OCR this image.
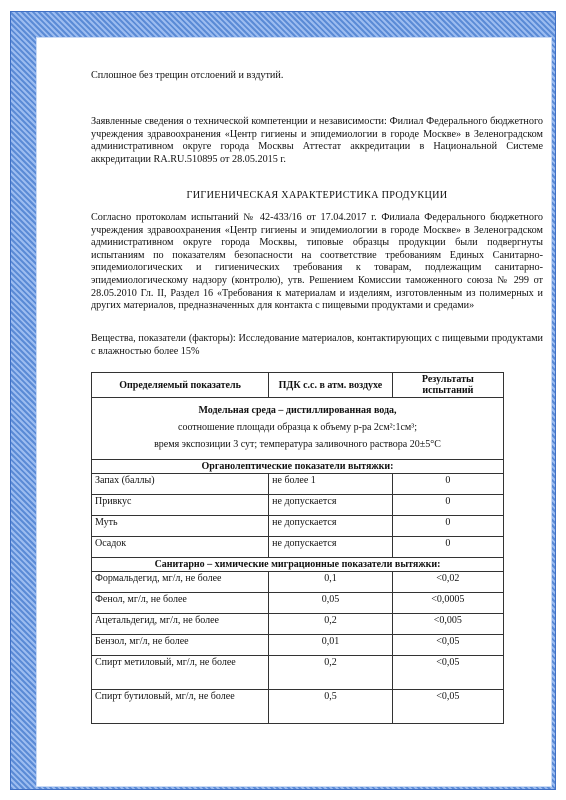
Сплошное без трещин отслоений и вздутий.
Заявленные сведения о технической компетенции и независимости: Филиал Федерального бюджетного учреждения здравоохранения «Центр гигиены и эпидемиологии в городе Москве» в Зеленоградском административном округе города Москвы Аттестат аккредитации в Национальной Системе аккредитации RA.RU.510895 от 28.05.2015 г.
ГИГИЕНИЧЕСКАЯ ХАРАКТЕРИСТИКА ПРОДУКЦИИ
Согласно протоколам испытаний № 42-433/16 от 17.04.2017 г. Филиала Федерального бюджетного учреждения здравоохранения «Центр гигиены и эпидемиологии в городе Москве» в Зеленоградском административном округе города Москвы, типовые образцы продукции были подвергнуты испытаниям по показателям безопасности на соответствие требованиям Единых Санитарно-эпидемиологических и гигиенических требования к товарам, подлежащим санитарно-эпидемиологическому надзору (контролю), утв. Решением Комиссии таможенного союза № 299 от 28.05.2010 Гл. II, Раздел 16 «Требования к материалам и изделиям, изготовленным из полимерных и других материалов, предназначенных для контакта с пищевыми продуктами и средами»
Вещества, показатели (факторы): Исследование материалов, контактирующих с пищевыми продуктами с влажностью более 15%
Определяемый показатель	ПДК с.с. в атм. воздухе	Результаты испытаний

Модельная среда – дистиллированная вода,
соотношение площади образца к объему р-ра 2см²:1см³;
время экспозиции 3 сут; температура заливочного раствора 20±5°С		

Органолептические показатели вытяжки:		
Запах (баллы)	не более 1	0
Привкус	не допускается	0
Муть	не допускается	0
Осадок	не допускается	0
Санитарно – химические миграционные показатели вытяжки:		
Формальдегид, мг/л, не более	0,1	<0,02
Фенол, мг/л, не более	0,05	<0,0005
Ацетальдегид, мг/л, не более	0,2	<0,005
Бензол, мг/л, не более	0,01	<0,05
Спирт метиловый, мг/л, не более	0,2	<0,05
Спирт бутиловый, мг/л, не более	0,5	<0,05
